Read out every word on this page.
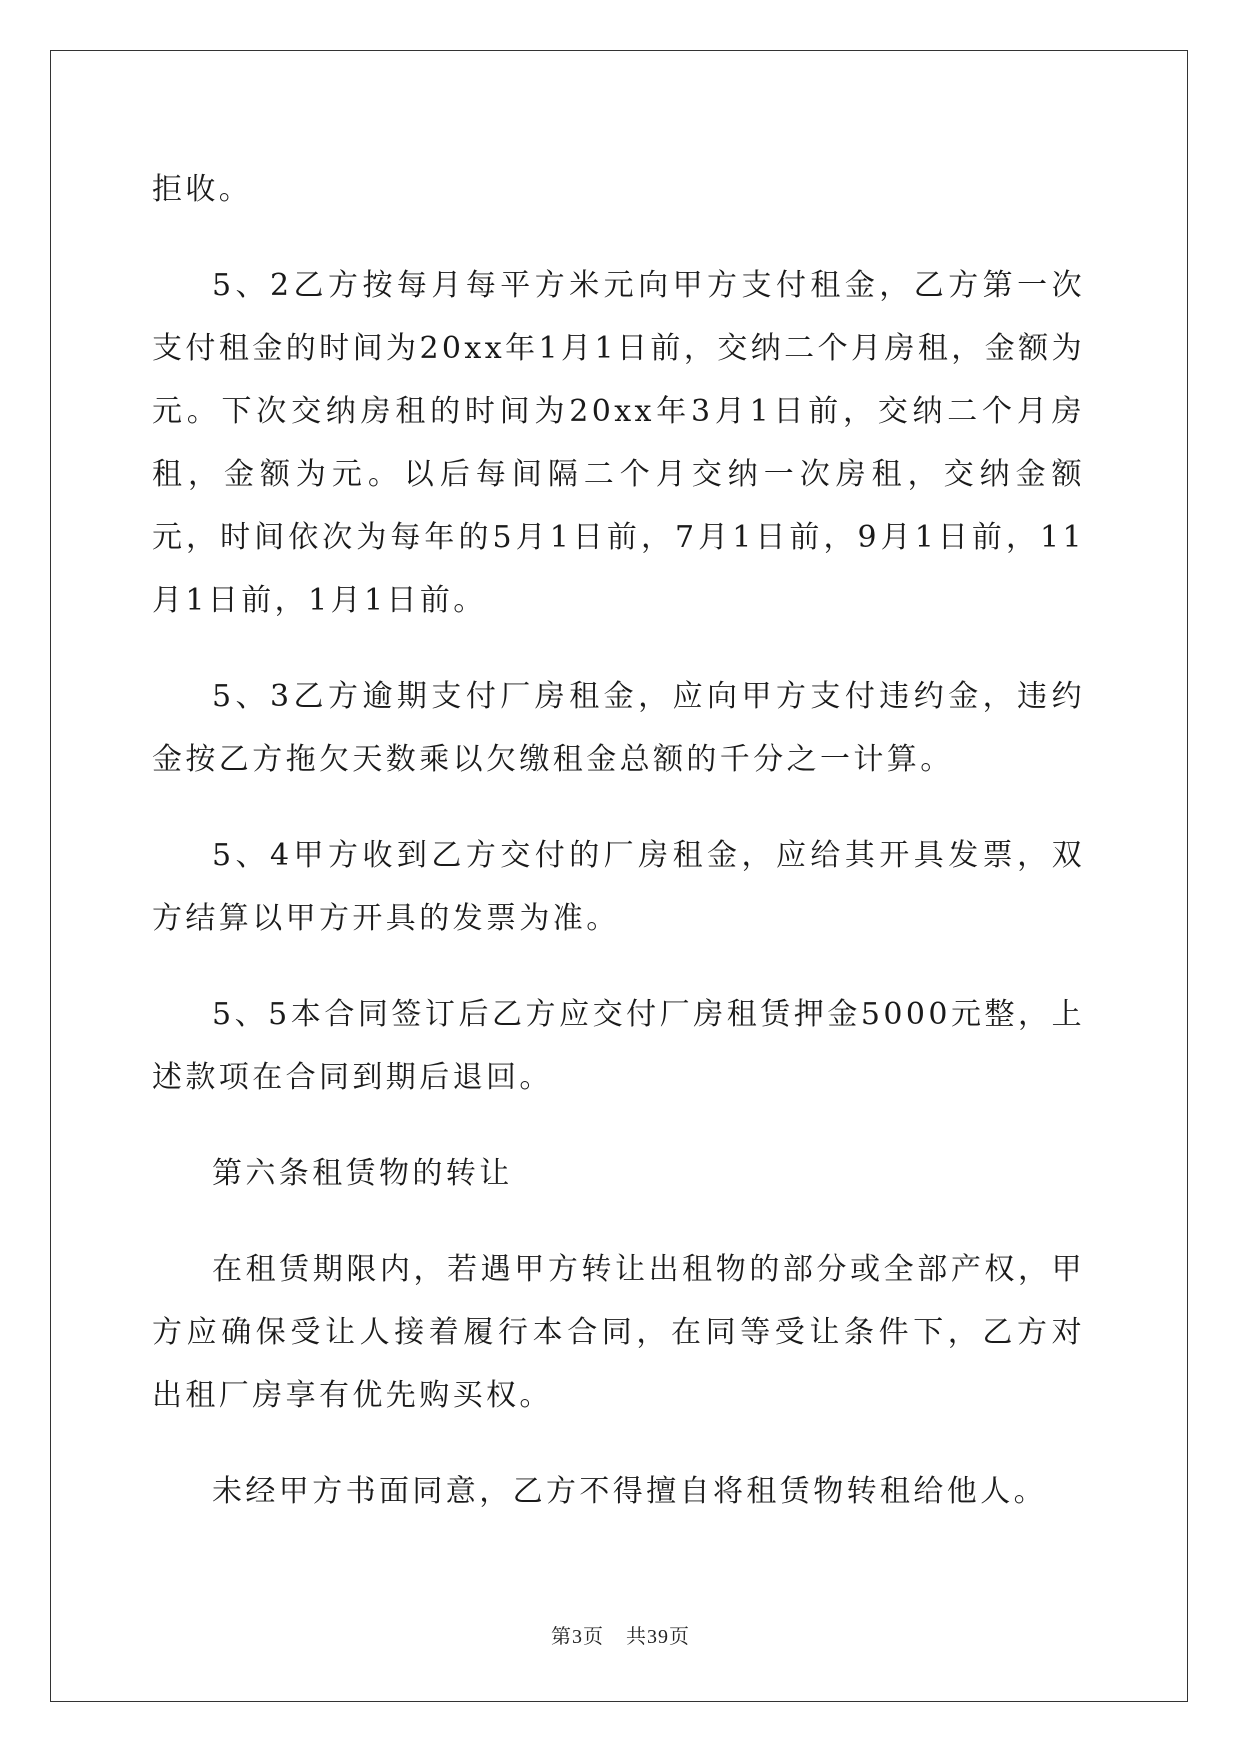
拒收。

5、2乙方按每月每平方米元向甲方支付租金，乙方第一次支付租金的时间为20xx年1月1日前，交纳二个月房租，金额为元。下次交纳房租的时间为20xx年3月1日前，交纳二个月房租，金额为元。以后每间隔二个月交纳一次房租，交纳金额元，时间依次为每年的5月1日前，7月1日前，9月1日前，11月1日前，1月1日前。

5、3乙方逾期支付厂房租金，应向甲方支付违约金，违约金按乙方拖欠天数乘以欠缴租金总额的千分之一计算。

5、4甲方收到乙方交付的厂房租金，应给其开具发票，双方结算以甲方开具的发票为准。

5、5本合同签订后乙方应交付厂房租赁押金5000元整，上述款项在合同到期后退回。

第六条租赁物的转让

在租赁期限内，若遇甲方转让出租物的部分或全部产权，甲方应确保受让人接着履行本合同，在同等受让条件下，乙方对出租厂房享有优先购买权。

未经甲方书面同意，乙方不得擅自将租赁物转租给他人。

第3页 共39页
